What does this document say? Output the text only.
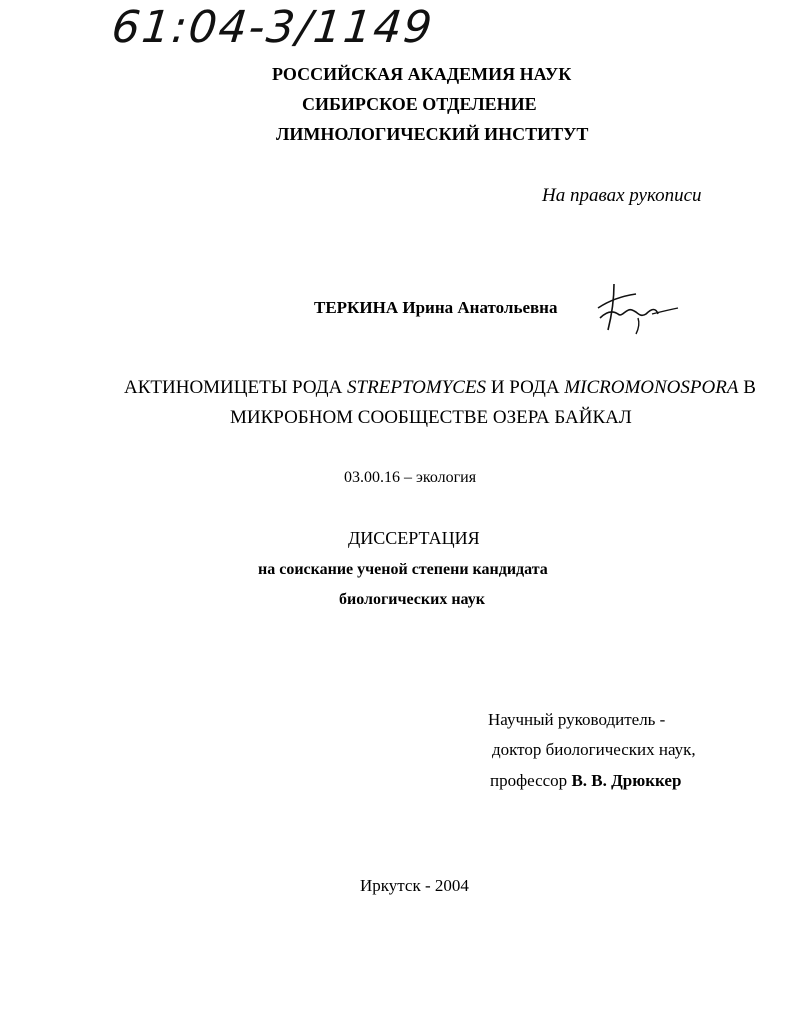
61:04-3/1149
РОССИЙСКАЯ АКАДЕМИЯ НАУК
СИБИРСКОЕ ОТДЕЛЕНИЕ
ЛИМНОЛОГИЧЕСКИЙ ИНСТИТУТ
На правах рукописи
ТЕРКИНА Ирина Анатольевна
АКТИНОМИЦЕТЫ РОДА STREPTOMYCES И РОДА MICROMONOSPORA В
МИКРОБНОМ СООБЩЕСТВЕ ОЗЕРА БАЙКАЛ
03.00.16 – экология
ДИССЕРТАЦИЯ
на соискание ученой степени кандидата
биологических наук
Научный руководитель -
доктор биологических наук,
профессор В. В. Дрюккер
Иркутск - 2004
